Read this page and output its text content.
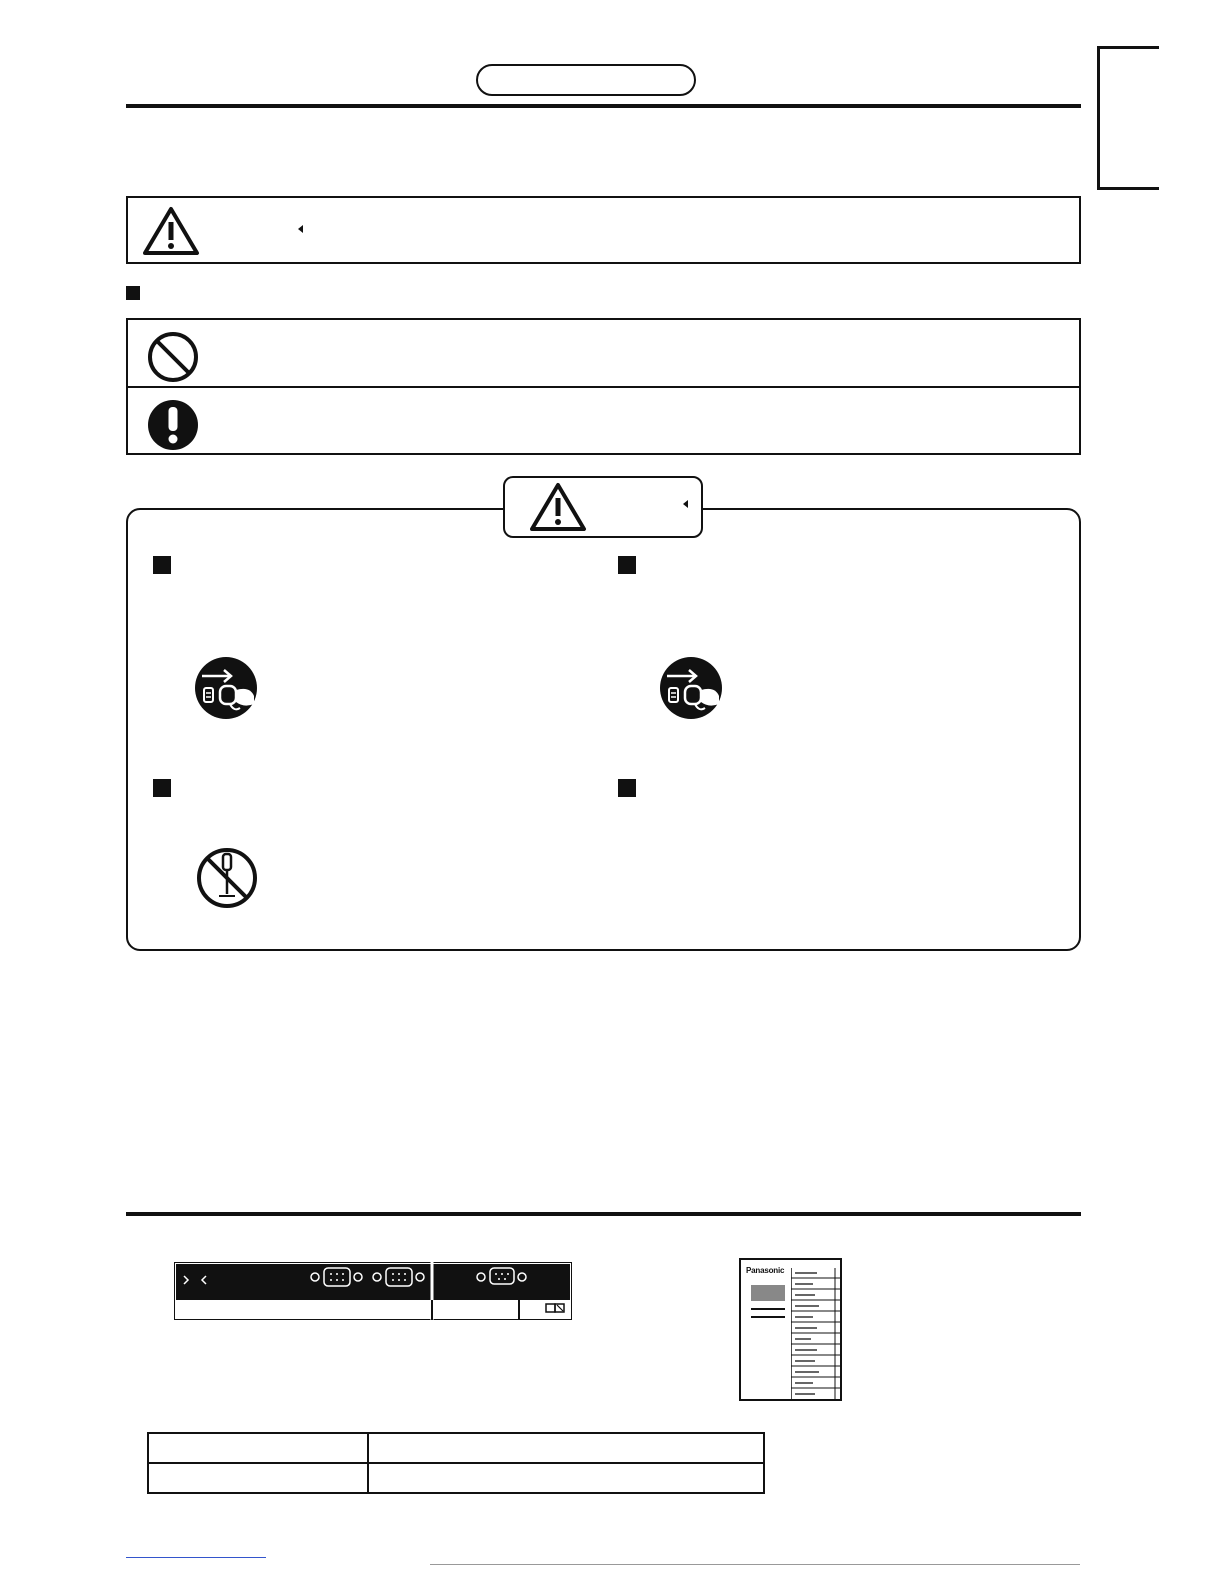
Panasonic
